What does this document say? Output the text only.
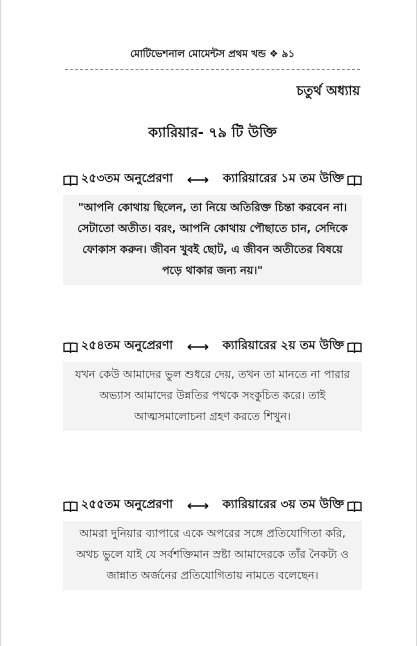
মোটিভেশনাল মোমেন্টস প্রথম খন্ড ❖ ৯১
চতুর্থ অধ্যায়
ক্যারিয়ার- ৭৯ টি উক্তি
২৫৩তম অনুপ্রেরণা	ক্যারিয়ারের ১ম তম উক্তি
"আপনি কোথায় ছিলেন, তা নিয়ে অতিরিক্ত চিন্তা করবেন না।
সেটাতো অতীত। বরং, আপনি কোথায় পৌছাতে চান, সেদিকে
ফোকাস করুন। জীবন খুবই ছোট, এ জীবন অতীতের বিষয়ে
পড়ে থাকার জন্য নয়।"
২৫৪তম অনুপ্রেরণা	ক্যারিয়ারের ২য় তম উক্তি
যখন কেউ আমাদের ভুল শুধরে দেয়, তখন তা মানতে না পারার
অভ্যাস আমাদের উন্নতির পথকে সংকুচিত করে। তাই
আত্মসমালোচনা গ্রহণ করতে শিখুন।
২৫৫তম অনুপ্রেরণা	ক্যারিয়ারের ৩য় তম উক্তি
আমরা দুনিয়ার ব্যাপারে একে অপরের সঙ্গে প্রতিযোগিতা করি,
অথচ ভুলে যাই যে সর্বশক্তিমান স্রষ্টা আমাদেরকে তাঁর নৈকট্য ও
জান্নাত অর্জনের প্রতিযোগিতায় নামতে বলেছেন।
